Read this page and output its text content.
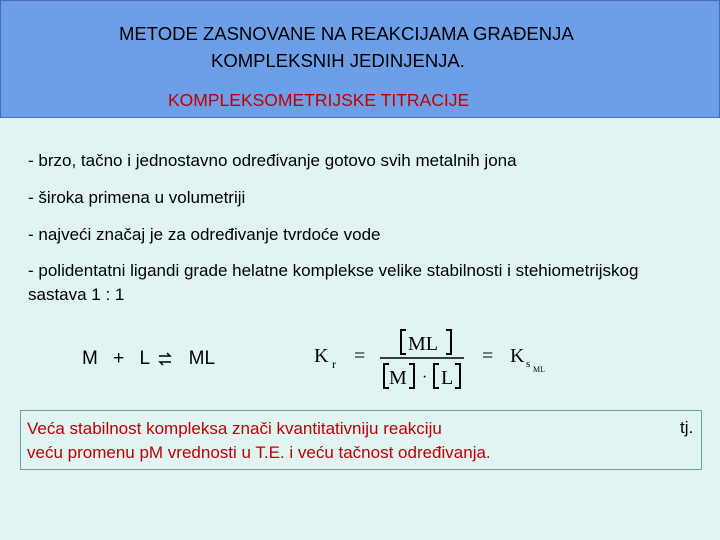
METODE ZASNOVANE NA REAKCIJAMA GRAĐENJA
KOMPLEKSNIH JEDINJENJA.
KOMPLEKSOMETRIJSKE TITRACIJE
- brzo, tačno i jednostavno određivanje gotovo svih metalnih jona
- široka primena u volumetriji
- najveći značaj je za određivanje tvrdoće vode
- polidentatni ligandi grade helatne komplekse velike stabilnosti i stehiometrijskog sastava 1 : 1
M + L ⇌ ML	K r =
ML
M · L
= K s ML
Veća stabilnost kompleksa znači kvantitativniju reakciju
veću promenu pM vrednosti u T.E. i veću tačnost određivanja.
tj.
